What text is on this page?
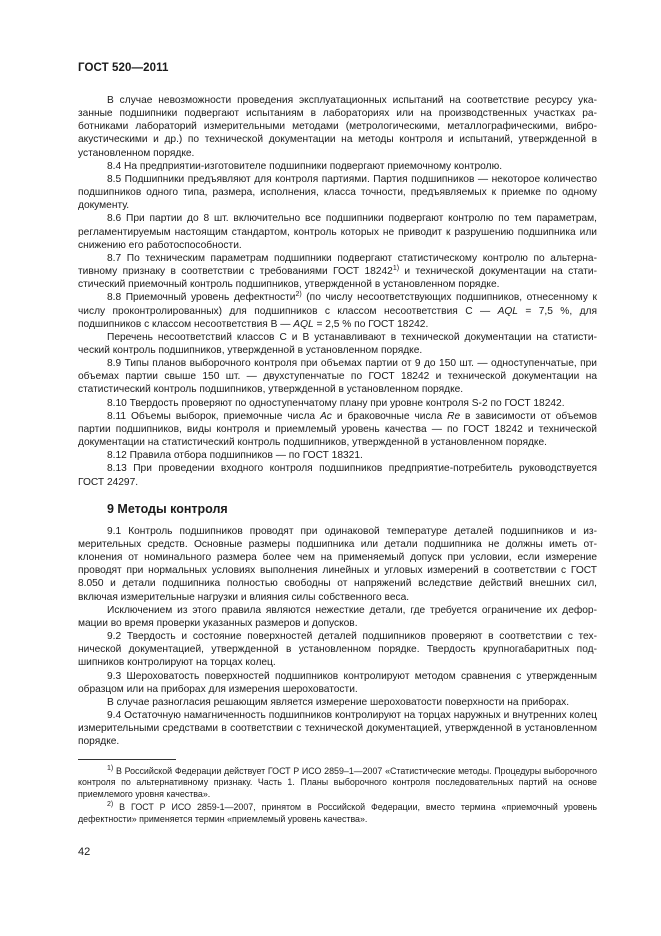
ГОСТ 520—2011

В случае невозможности проведения эксплуатационных испытаний на соответствие ресурсу указанные подшипники подвергают испытаниям в лабораториях или на производственных участках работниками лабораторий измерительными методами (метрологическими, металлографическими, виброакустическими и др.) по технической документации на методы контроля и испытаний, утвержденной в установленном порядке.

8.4 На предприятии-изготовителе подшипники подвергают приемочному контролю.

8.5 Подшипники предъявляют для контроля партиями. Партия подшипников — некоторое количество подшипников одного типа, размера, исполнения, класса точности, предъявляемых к приемке по одному документу.

8.6 При партии до 8 шт. включительно все подшипники подвергают контролю по тем параметрам, регламентируемым настоящим стандартом, контроль которых не приводит к разрушению подшипника или снижению его работоспособности.

8.7 По техническим параметрам подшипники подвергают статистическому контролю по альтернативному признаку в соответствии с требованиями ГОСТ 18242$^{1)}$ и технической документации на статистический приемочный контроль подшипников, утвержденной в установленном порядке.

8.8 Приемочный уровень дефектности$^{2)}$ (по числу несоответствующих подшипников, отнесенному к числу проконтролированных) для подшипников с классом несоответствия С — AQL = 7,5 %, для подшипников с классом несоответствия В — AQL = 2,5 % по ГОСТ 18242.

Перечень несоответствий классов С и В устанавливают в технической документации на статистический контроль подшипников, утвержденной в установленном порядке.

8.9 Типы планов выборочного контроля при объемах партии от 9 до 150 шт. — одноступенчатые, при объемах партии свыше 150 шт. — двухступенчатые по ГОСТ 18242 и технической документации на статистический контроль подшипников, утвержденной в установленном порядке.

8.10 Твердость проверяют по одноступенчатому плану при уровне контроля S-2 по ГОСТ 18242.

8.11 Объемы выборок, приемочные числа Ac и браковочные числа Re в зависимости от объемов партии подшипников, виды контроля и приемлемый уровень качества — по ГОСТ 18242 и технической документации на статистический контроль подшипников, утвержденной в установленном порядке.

8.12 Правила отбора подшипников — по ГОСТ 18321.

8.13 При проведении входного контроля подшипников предприятие-потребитель руководствуется ГОСТ 24297.

9 Методы контроля

9.1 Контроль подшипников проводят при одинаковой температуре деталей подшипников и измерительных средств. Основные размеры подшипника или детали подшипника не должны иметь отклонения от номинального размера более чем на применяемый допуск при условии, если измерение проводят при нормальных условиях выполнения линейных и угловых измерений в соответствии с ГОСТ 8.050 и детали подшипника полностью свободны от напряжений вследствие действий внешних сил, включая измерительные нагрузки и влияния силы собственного веса.

Исключением из этого правила являются нежесткие детали, где требуется ограничение их деформации во время проверки указанных размеров и допусков.

9.2 Твердость и состояние поверхностей деталей подшипников проверяют в соответствии с технической документацией, утвержденной в установленном порядке. Твердость крупногабаритных подшипников контролируют на торцах колец.

9.3 Шероховатость поверхностей подшипников контролируют методом сравнения с утвержденным образцом или на приборах для измерения шероховатости.

В случае разногласия решающим является измерение шероховатости поверхности на приборах.

9.4 Остаточную намагниченность подшипников контролируют на торцах наружных и внутренних колец измерительными средствами в соответствии с технической документацией, утвержденной в установленном порядке.

$^{1)}$ В Российской Федерации действует ГОСТ Р ИСО 2859–1—2007 «Статистические методы. Процедуры выборочного контроля по альтернативному признаку. Часть 1. Планы выборочного контроля последовательных партий на основе приемлемого уровня качества».

$^{2)}$ В ГОСТ Р ИСО 2859-1—2007, принятом в Российской Федерации, вместо термина «приемочный уровень дефектности» применяется термин «приемлемый уровень качества».

42
